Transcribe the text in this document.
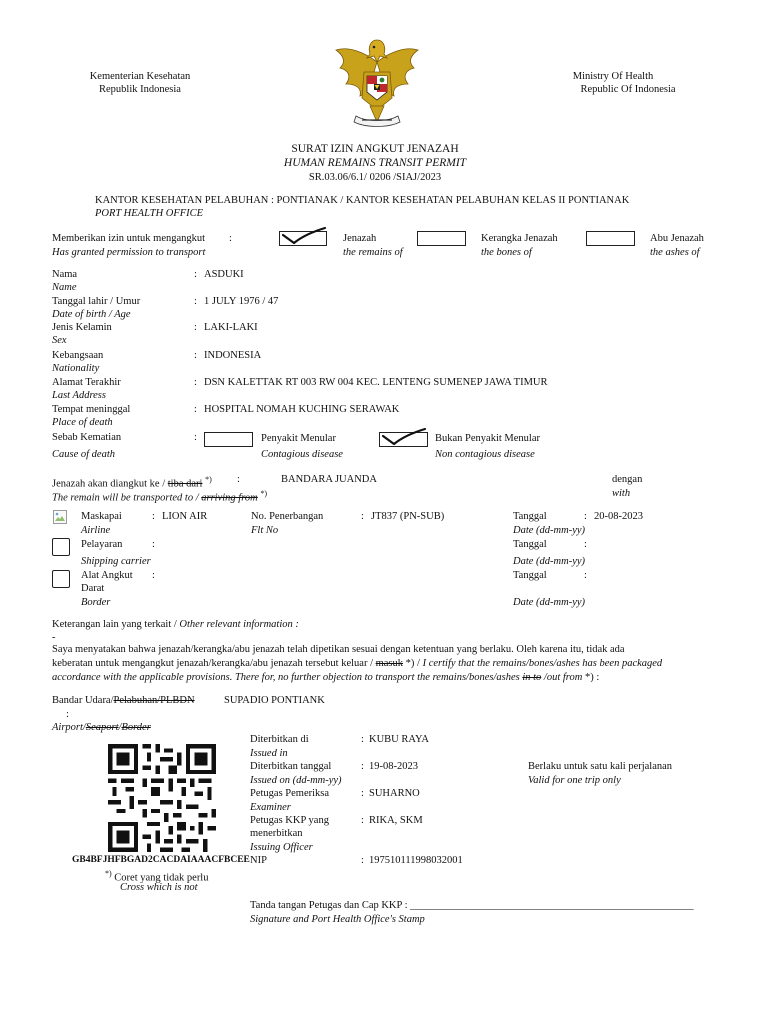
Kementerian Kesehatan
Republik Indonesia
Ministry Of Health
Republic Of Indonesia
SURAT IZIN ANGKUT JENAZAH
HUMAN REMAINS TRANSIT PERMIT
SR.03.06/6.1/ 0206 /SIAJ/2023
KANTOR KESEHATAN PELABUHAN : PONTIANAK / KANTOR KESEHATAN PELABUHAN KELAS II PONTIANAK
PORT HEALTH OFFICE
Memberikan izin untuk mengangkut :
Has granted permission to transport
Jenazah
the remains of
Kerangka Jenazah
the bones of
Abu Jenazah
the ashes of
Nama
Name
: ASDUKI
Tanggal lahir / Umur
Date of birth / Age
: 1 JULY 1976 / 47
Jenis Kelamin
Sex
: LAKI-LAKI
Kebangsaan
Nationality
: INDONESIA
Alamat Terakhir
Last Address
: DSN KALETTAK RT 003 RW 004 KEC. LENTENG SUMENEP JAWA TIMUR
Tempat meninggal
Place of death
: HOSPITAL NOMAH KUCHING SERAWAK
Sebab Kematian
Cause of death
:	Penyakit Menular
Contagious disease
Bukan Penyakit Menular
Non contagious disease
Jenazah akan diangkut ke / tiba dari *)
The remain will be transported to / arriving from *)
:	BANDARA JUANDA	dengan
with
Maskapai
Airline
: LION AIR	No. Penerbangan
Flt No
: JT837 (PN-SUB)	Tanggal
Date (dd-mm-yy)
: 20-08-2023
Pelayaran	:
Shipping carrier
Tanggal	:
Date (dd-mm-yy)
Alat Angkut :
Darat
Border
Tanggal	:
Date (dd-mm-yy)
Keterangan lain yang terkait / Other relevant information :
-
Saya menyatakan bahwa jenazah/kerangka/abu jenazah telah dipetikan sesuai dengan ketentuan yang berlaku. Oleh karena itu, tidak ada
keberatan untuk mengangkut jenazah/kerangka/abu jenazah tersebut keluar / masuk *) / I certify that the remains/bones/ashes has been packaged
accordance with the applicable provisions. There for, no further objection to transport the remains/bones/ashes in to /out from *) :
Bandar Udara/Pelabuhan/PLBDN	SUPADIO PONTIANK
:
Airport/Seaport/Border
GB4BFJHFBGAD2CACDAIAAACFBCEE
*) Coret yang tidak perlu
Cross which is not
Diterbitkan di
Issued in
: KUBU RAYA
Diterbitkan tanggal
Issued on (dd-mm-yy)
: 19-08-2023	Berlaku untuk satu kali perjalanan
Valid for one trip only
Petugas Pemeriksa
Examiner
: SUHARNO
Petugas KKP yang
menerbitkan
Issuing Officer
: RIKA, SKM
NIP	: 197510111998032001
Tanda tangan Petugas dan Cap KKP : ______________________________________________________
Signature and Port Health Office's Stamp
